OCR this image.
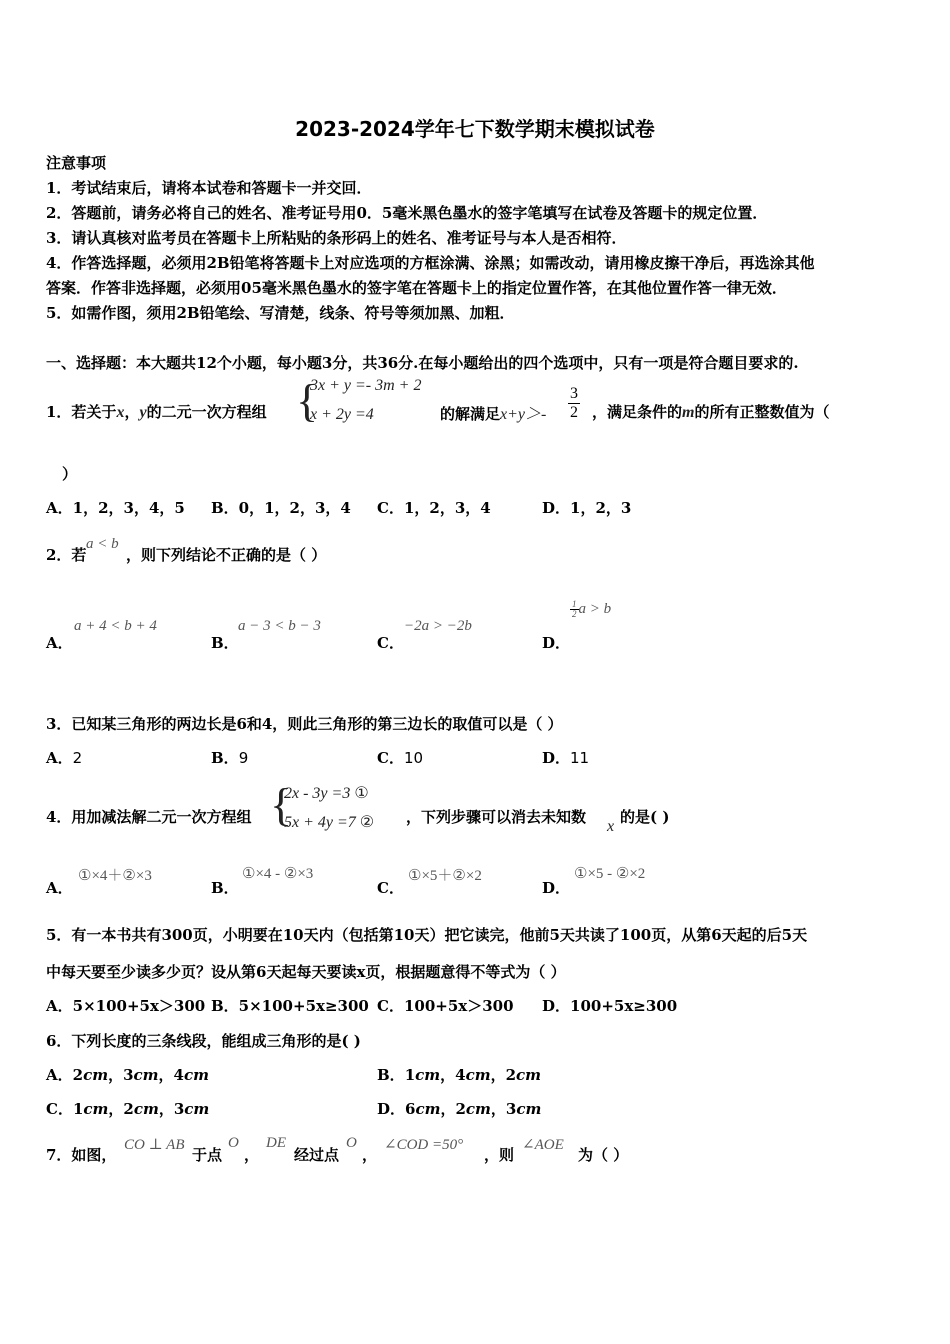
2023-2024学年七下数学期末模拟试卷
注意事项
1．考试结束后，请将本试卷和答题卡一并交回．
2．答题前，请务必将自己的姓名、准考证号用0．5毫米黑色墨水的签字笔填写在试卷及答题卡的规定位置．
3．请认真核对监考员在答题卡上所粘贴的条形码上的姓名、准考证号与本人是否相符．
4．作答选择题，必须用2B铅笔将答题卡上对应选项的方框涂满、涂黑；如需改动，请用橡皮擦干净后，再选涂其他
答案．作答非选择题，必须用05毫米黑色墨水的签字笔在答题卡上的指定位置作答，在其他位置作答一律无效．
5．如需作图，须用2B铅笔绘、写清楚，线条、符号等须加黑、加粗．
一、选择题：本大题共12个小题，每小题3分，共36分.在每小题给出的四个选项中，只有一项是符合题目要求的.
1．若关于x，y的二元一次方程组 {
3x + y =- 3m + 2
x + 2y =4	的解满足$x+y>- \frac{3}{2}$ ，满足条件的m的所有正整数值为（
）
A．1，2，3，4，5 B．0，1，2，3，4 C．1，2，3，4	D．1，2，3
2．若
a < b
，则下列结论不正确的是（ ）
A．
a + 4 < b + 4
B．
a − 3 < b − 3
C．
−2a > −2b
D．
$\frac{1}{2}$ a > b
3．已知某三角形的两边长是6和4，则此三角形的第三边长的取值可以是（ ）
A．2	B．9	C．10	D．11
4．用加减法解二元一次方程组 {
2x - 3y =3 ①
5x + 4y =7 ② ，下列步骤可以消去未知数
x
的是( )
A．
①×4＋②×3
B．
①×4 - ②×3
C．
①×5＋②×2
D．
①×5 - ②×2
5．有一本书共有300页，小明要在10天内（包括第10天）把它读完，他前5天共读了100页，从第6天起的后5天
中每天要至少读多少页？设从第6天起每天要读x页，根据题意得不等式为（ ）
A．5×100+5x＞300 B．5×100+5x≥300 C．100+5x＞300 D．100+5x≥300
6．下列长度的三条线段，能组成三角形的是( )
A．2cm，3cm，4cm	B．1cm，4cm，2cm
C．1cm，2cm，3cm	D．6cm，2cm，3cm
7．如图，
CO ⊥ AB
于点
O
，
DE
经过点
O
，
∠COD =50°
，则
∠AOE
为（ ）
